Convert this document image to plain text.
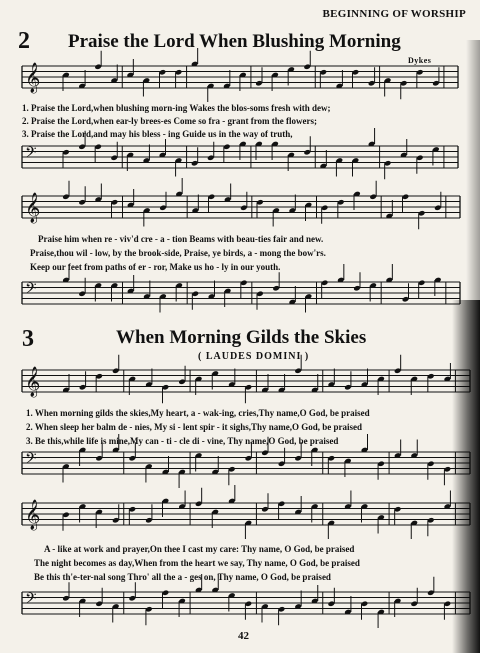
BEGINNING OF WORSHIP
2 Praise the Lord When Blushing Morning
Dykes
1. Praise the Lord,when blushing morn-ing Wakes the blos-soms fresh with dew;
2. Praise the Lord,when ear-ly brees-es Come so fra - grant from the flowers;
3. Praise the Lord,and may his bless - ing Guide us in the way of truth,
Praise him when re - viv'd cre - a - tion Beams with beau-ties fair and new.
Praise,thou wil - low, by the brook-side, Praise, ye birds, a - mong the bow'rs.
Keep our feet from paths of er - ror, Make us ho - ly in our youth.
3	When Morning Gilds the Skies
( LAUDES DOMINI )
1. When morning gilds the skies,My heart, a - wak-ing, cries,Thy name,O God, be praised
2. When sleep her balm de - nies, My si - lent spir - it sighs,Thy name,O God, be praised
3. Be this,while life is mine,My can - ti - cle di - vine, Thy name,O God, be praised
A - like at work and prayer,On thee I cast my care: Thy name, O God, be praised
The night becomes as day,When from the heart we say, Thy name, O God, be praised
Be this th'e-ter-nal song Thro' all the a - ges on, Thy name, O God, be praised
42
𝄞
𝄢
𝄞
𝄢
𝄞
𝄢
𝄞
𝄢
